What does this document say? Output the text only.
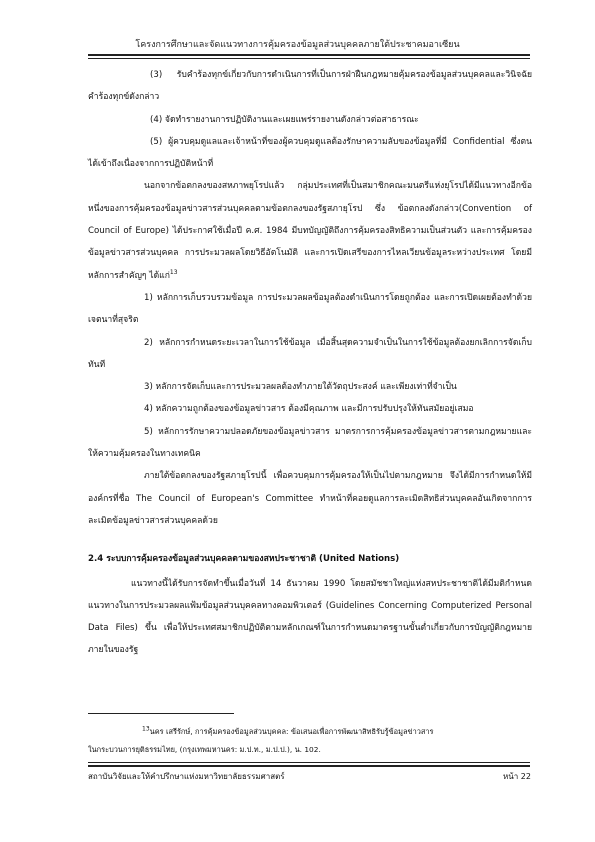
โครงการศึกษาและจัดแนวทางการคุ้มครองข้อมูลส่วนบุคคลภายใต้ประชาคมอาเซียน

(3) รับคำร้องทุกข์เกี่ยวกับการดำเนินการที่เป็นการฝ่าฝืนกฎหมายคุ้มครองข้อมูลส่วนบุคคลและวินิจฉัยคำร้องทุกข์ดังกล่าว

(4) จัดทำรายงานการปฏิบัติงานและเผยแพร่รายงานดังกล่าวต่อสาธารณะ

(5) ผู้ควบคุมดูแลและเจ้าหน้าที่ของผู้ควบคุมดูแลต้องรักษาความลับของข้อมูลที่มี Confidential ซึ่งตนได้เข้าถึงเนื่องจากการปฏิบัติหน้าที่

นอกจากข้อตกลงของสหภาพยุโรปแล้ว กลุ่มประเทศที่เป็นสมาชิกคณะมนตรีแห่งยุโรปได้มีแนวทางอีกข้อหนึ่งของการคุ้มครองข้อมูลข่าวสารส่วนบุคคลตามข้อตกลงของรัฐสภายุโรป ซึ่ง ข้อตกลงดังกล่าว(Convention of Council of Europe) ได้ประกาศใช้เมื่อปี ค.ศ. 1984 มีบทบัญญัติถึงการคุ้มครองสิทธิความเป็นส่วนตัว และการคุ้มครองข้อมูลข่าวสารส่วนบุคคล การประมวลผลโดยวิธีอัตโนมัติ และการเปิดเสรีของการไหลเวียนข้อมูลระหว่างประเทศ โดยมีหลักการสำคัญๆ ได้แก่$^{13}$

1) หลักการเก็บรวบรวมข้อมูล การประมวลผลข้อมูลต้องดำเนินการโดยถูกต้อง และการเปิดเผยต้องทำด้วยเจตนาที่สุจริต

2) หลักการกำหนดระยะเวลาในการใช้ข้อมูล เมื่อสิ้นสุดความจำเป็นในการใช้ข้อมูลต้องยกเลิกการจัดเก็บทันที

3) หลักการจัดเก็บและการประมวลผลต้องทำภายใต้วัตถุประสงค์ และเพียงเท่าที่จำเป็น

4) หลักความถูกต้องของข้อมูลข่าวสาร ต้องมีคุณภาพ และมีการปรับปรุงให้ทันสมัยอยู่เสมอ

5) หลักการรักษาความปลอดภัยของข้อมูลข่าวสาร มาตรการการคุ้มครองข้อมูลข่าวสารตามกฎหมายและให้ความคุ้มครองในทางเทคนิค

ภายใต้ข้อตกลงของรัฐสภายุโรปนี้ เพื่อควบคุมการคุ้มครองให้เป็นไปตามกฎหมาย จึงได้มีการกำหนดให้มีองค์กรที่ชื่อ The Council of European's Committee ทำหน้าที่คอยดูแลการละเมิดสิทธิส่วนบุคคลอันเกิดจากการละเมิดข้อมูลข่าวสารส่วนบุคคลด้วย

2.4 ระบบการคุ้มครองข้อมูลส่วนบุคคลตามของสหประชาชาติ (United Nations)

แนวทางนี้ได้รับการจัดทำขึ้นเมื่อวันที่ 14 ธันวาคม 1990 โดยสมัชชาใหญ่แห่งสหประชาชาติได้มีมติกำหนดแนวทางในการประมวลผลแฟ้มข้อมูลส่วนบุคคลทางคอมพิวเตอร์ (Guidelines Concerning Computerized Personal Data Files) ขึ้น เพื่อให้ประเทศสมาชิกปฏิบัติตามหลักเกณฑ์ในการกำหนดมาตรฐานขั้นต่ำเกี่ยวกับการบัญญัติกฎหมายภายในของรัฐ

$^{13}$นคร เสรีรักษ์, การคุ้มครองข้อมูลส่วนบุคคล: ข้อเสนอเพื่อการพัฒนาสิทธิรับรู้ข้อมูลข่าวสาร

ในกระบวนการยุติธรรมไทย, (กรุงเทพมหานคร: ม.ป.ท., ม.ป.ป.), น. 102.

สถาบันวิจัยและให้คำปรึกษาแห่งมหาวิทยาลัยธรรมศาสตร์	หน้า 22
